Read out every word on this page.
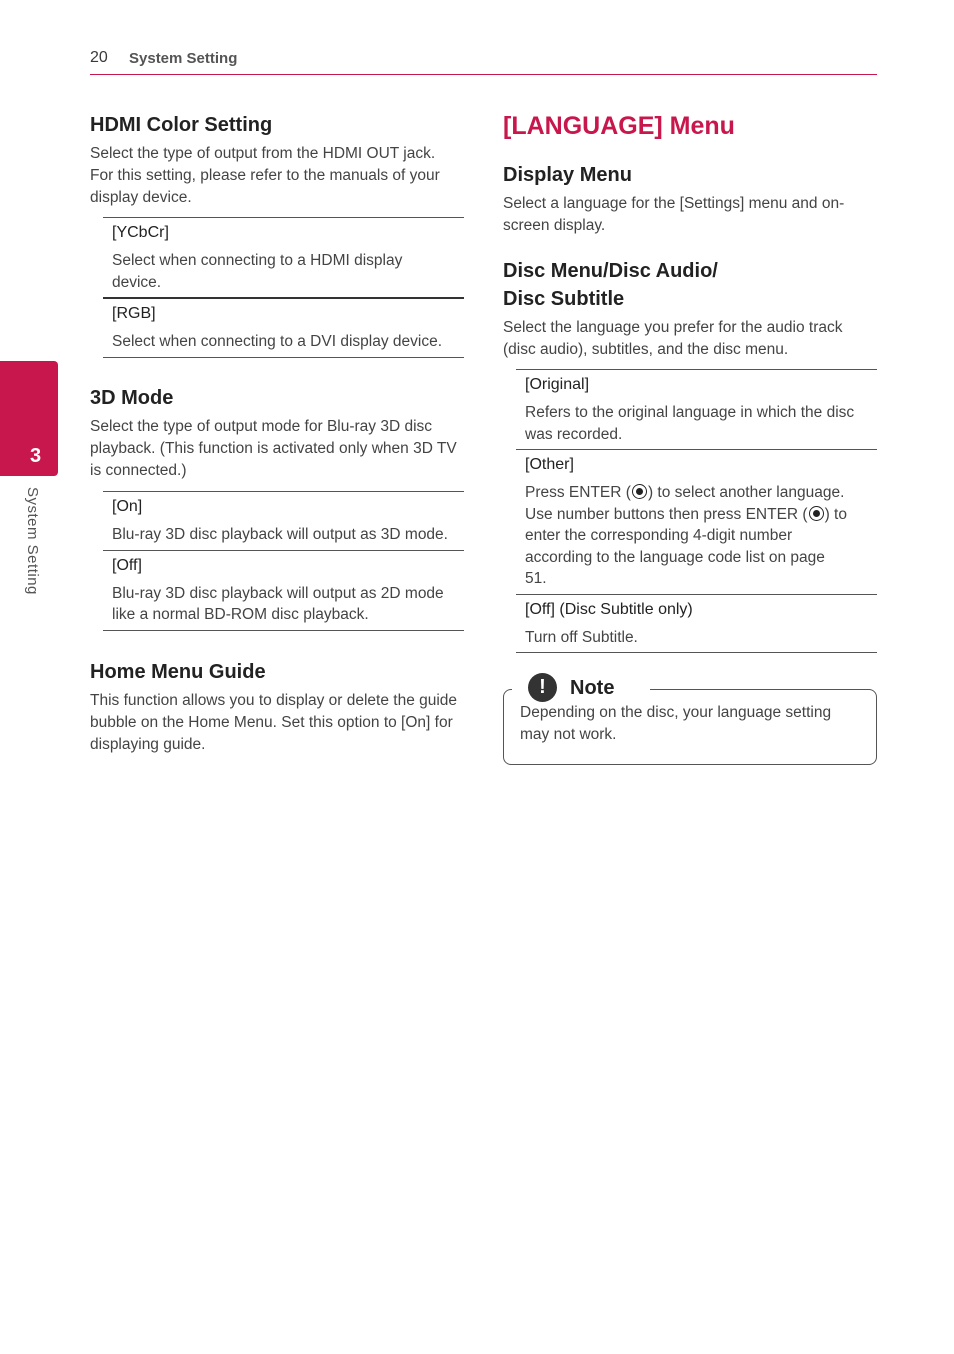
20 System Setting
3
System Setting
HDMI Color Setting

Select the type of output from the HDMI OUT jack. For this setting, please refer to the manuals of your display device.

[YCbCr]
Select when connecting to a HDMI display device.
[RGB]
Select when connecting to a DVI display device.
3D Mode

Select the type of output mode for Blu-ray 3D disc playback. (This function is activated only when 3D TV is connected.)

[On]
Blu-ray 3D disc playback will output as 3D mode.
[Off]
Blu-ray 3D disc playback will output as 2D mode like a normal BD-ROM disc playback.
Home Menu Guide

This function allows you to display or delete the guide bubble on the Home Menu. Set this option to [On] for displaying guide.

[LANGUAGE] Menu
Display Menu

Select a language for the [Settings] menu and on-screen display.

Disc Menu/Disc Audio/
Disc Subtitle

Select the language you prefer for the audio track (disc audio), subtitles, and the disc menu.

[Original]
Refers to the original language in which the disc was recorded.
[Other]
Press ENTER ( ) to select another language. Use number buttons then press ENTER ( ) to enter the corresponding 4-digit number according to the language code list on page 51.
[Off] (Disc Subtitle only)
Turn off Subtitle.
!	Note
Depending on the disc, your language setting may not work.
